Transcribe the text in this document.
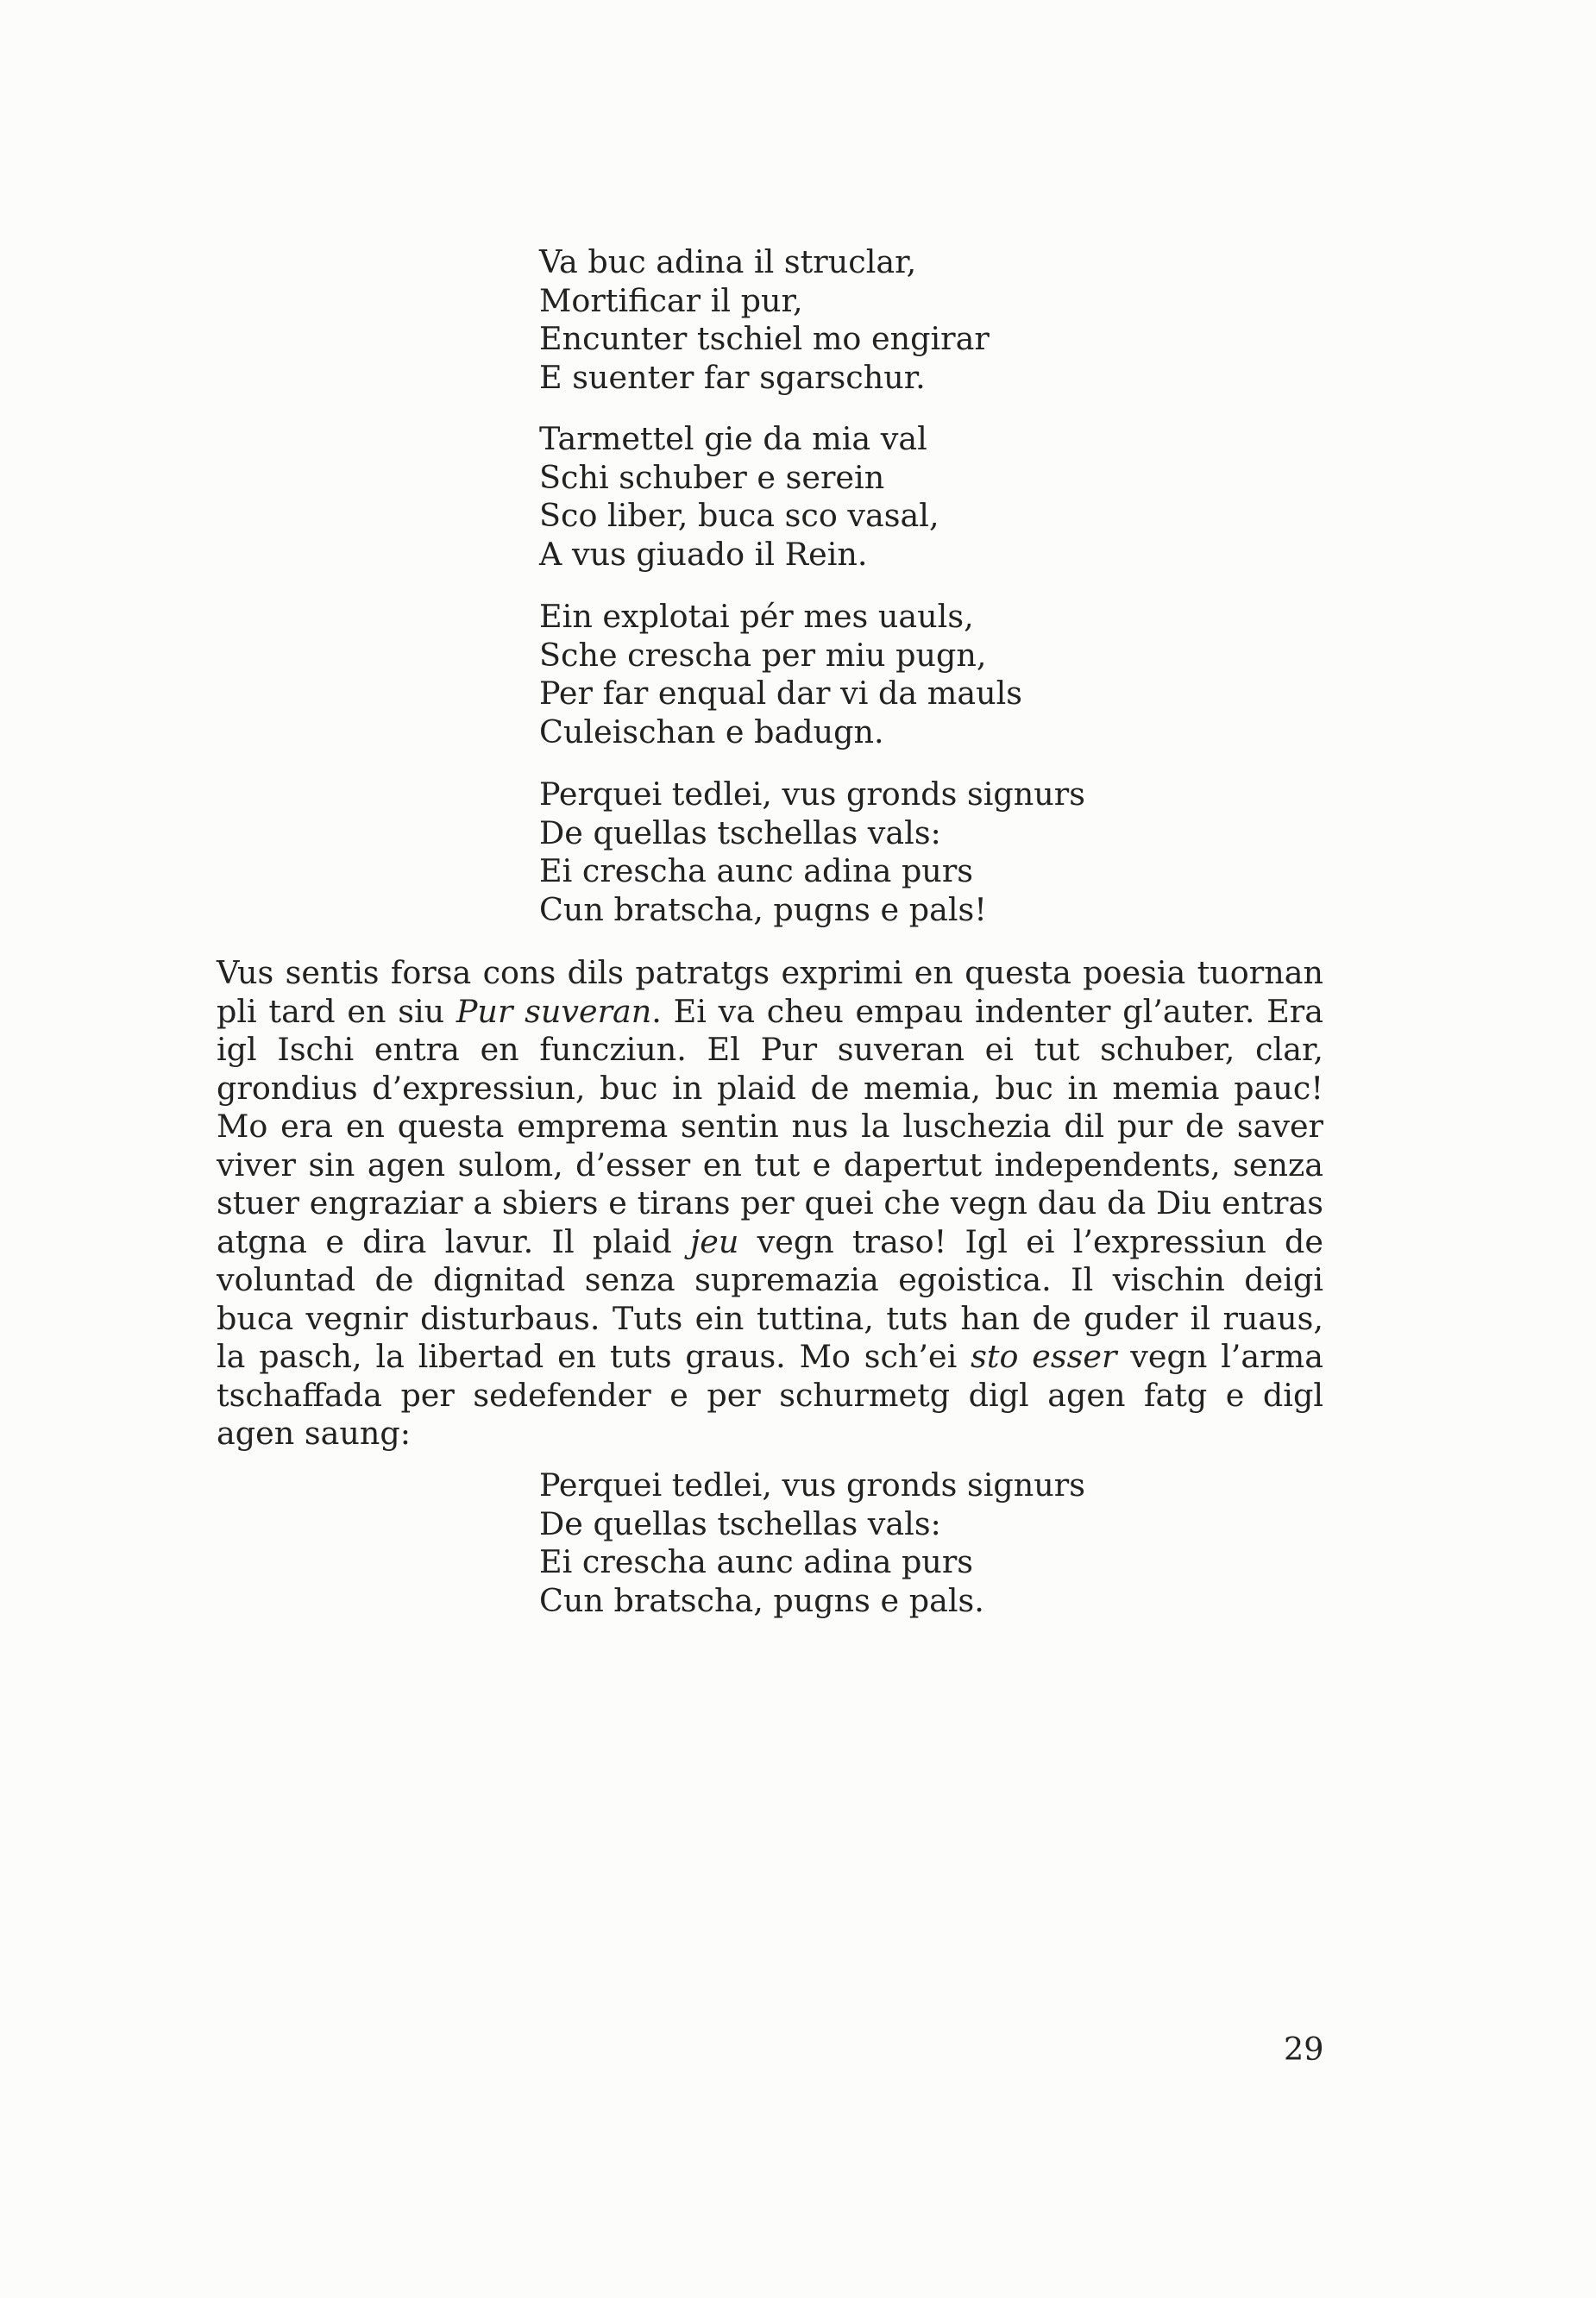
Va buc adina il struclar,
Mortificar il pur,
Encunter tschiel mo engirar
E suenter far sgarschur.
Tarmettel gie da mia val
Schi schuber e serein
Sco liber, buca sco vasal,
A vus giuado il Rein.
Ein explotai pér mes uauls,
Sche crescha per miu pugn,
Per far enqual dar vi da mauls
Culeischan e badugn.
Perquei tedlei, vus gronds signurs
De quellas tschellas vals:
Ei crescha aunc adina purs
Cun bratscha, pugns e pals!

Vus sentis forsa cons dils patratgs exprimi en questa poesia tuornan pli tard en siu Pur suveran. Ei va cheu empau indenter gl’auter. Era igl Ischi entra en funcziun. El Pur suveran ei tut schuber, clar, grondius d’expressiun, buc in plaid de memia, buc in memia pauc! Mo era en questa emprema sentin nus la luschezia dil pur de saver viver sin agen sulom, d’esser en tut e dapertut independents, senza stuer engraziar a sbiers e tirans per quei che vegn dau da Diu entras atgna e dira lavur. Il plaid jeu vegn traso! Igl ei l’expressiun de voluntad de dignitad senza supremazia egoistica. Il vischin deigi buca vegnir disturbaus. Tuts ein tuttina, tuts han de guder il ruaus, la pasch, la libertad en tuts graus. Mo sch’ei sto esser vegn l’arma tschaffada per sedefender e per schurmetg digl agen fatg e digl agen saung:

Perquei tedlei, vus gronds signurs
De quellas tschellas vals:
Ei crescha aunc adina purs
Cun bratscha, pugns e pals.
29
